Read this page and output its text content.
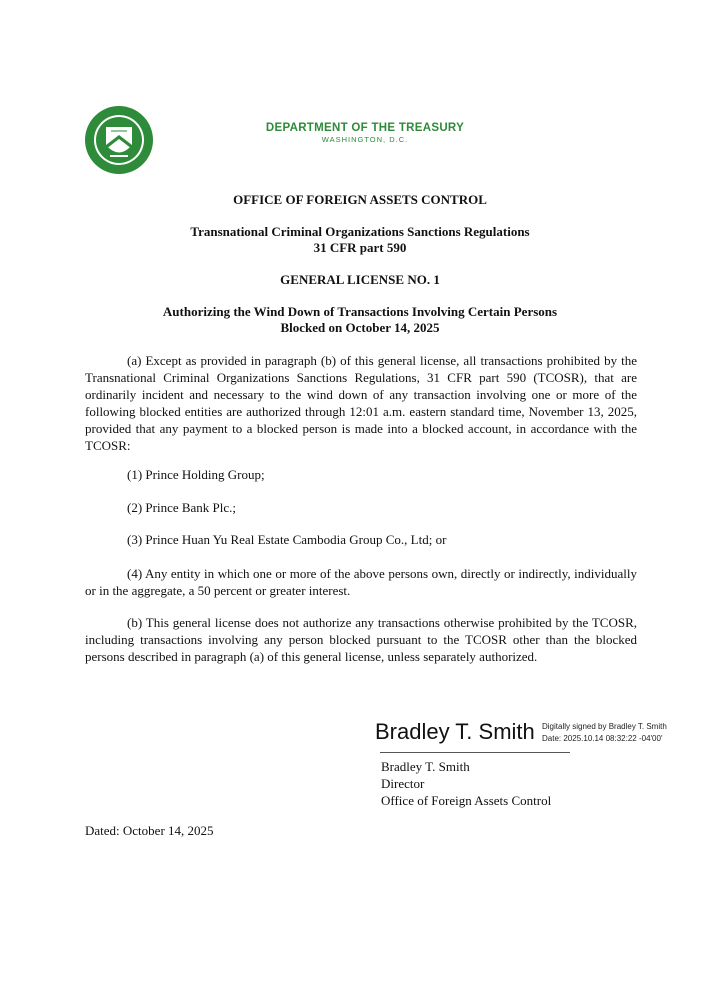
DEPARTMENT OF THE TREASURY
WASHINGTON, D.C.
OFFICE OF FOREIGN ASSETS CONTROL
Transnational Criminal Organizations Sanctions Regulations
31 CFR part 590
GENERAL LICENSE NO. 1
Authorizing the Wind Down of Transactions Involving Certain Persons
Blocked on October 14, 2025
(a) Except as provided in paragraph (b) of this general license, all transactions prohibited by the Transnational Criminal Organizations Sanctions Regulations, 31 CFR part 590 (TCOSR), that are ordinarily incident and necessary to the wind down of any transaction involving one or more of the following blocked entities are authorized through 12:01 a.m. eastern standard time, November 13, 2025, provided that any payment to a blocked person is made into a blocked account, in accordance with the TCOSR:
(1) Prince Holding Group;
(2) Prince Bank Plc.;
(3) Prince Huan Yu Real Estate Cambodia Group Co., Ltd; or
(4) Any entity in which one or more of the above persons own, directly or indirectly, individually or in the aggregate, a 50 percent or greater interest.
(b) This general license does not authorize any transactions otherwise prohibited by the TCOSR, including transactions involving any person blocked pursuant to the TCOSR other than the blocked persons described in paragraph (a) of this general license, unless separately authorized.
Bradley T. Smith Digitally signed by Bradley T. Smith
Date: 2025.10.14 08:32:22 -04'00'
Bradley T. Smith
Director
Office of Foreign Assets Control
Dated: October 14, 2025
